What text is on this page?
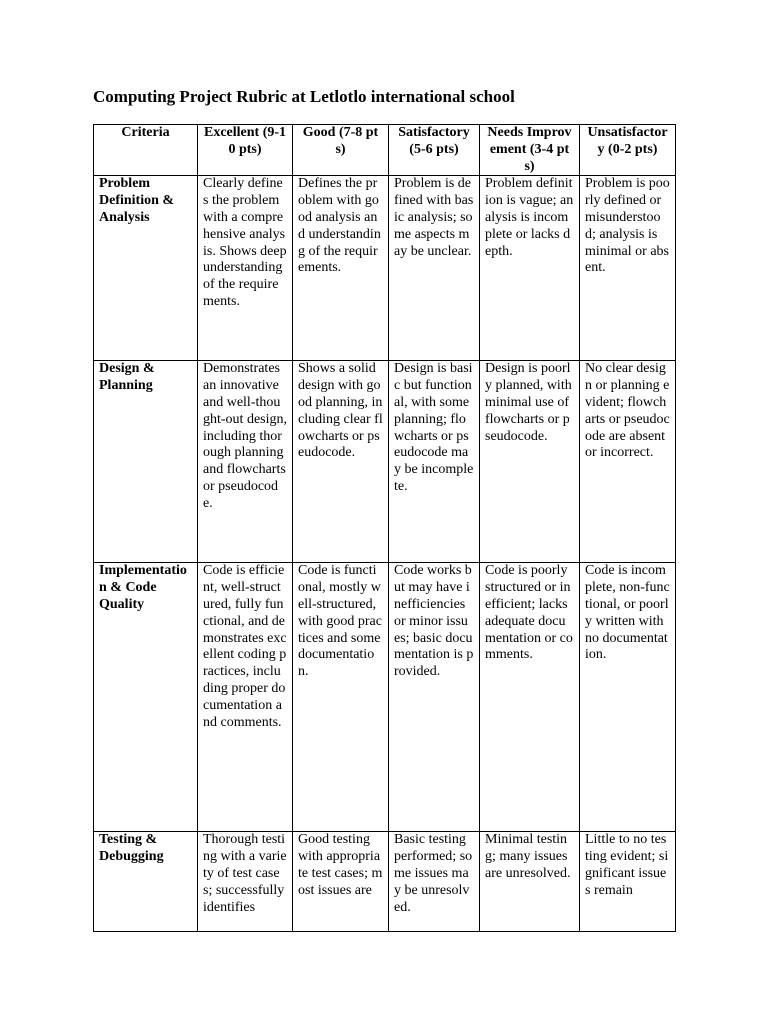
Computing Project Rubric at Letlotlo international school
Criteria	Excellent (9-10 pts)	Good (7-8 pts)	Satisfactory (5-6 pts)	Needs Improvement (3-4 pts)	Unsatisfactory (0-2 pts)
Problem Definition & Analysis	Clearly defines the problem with a comprehensive analysis. Shows deep understanding of the requirements.	Defines the problem with good analysis and understanding of the requirements.	Problem is defined with basic analysis; some aspects may be unclear.	Problem definition is vague; analysis is incomplete or lacks depth.	Problem is poorly defined or misunderstood; analysis is minimal or absent.
Design & Planning	Demonstrates an innovative and well-thought-out design, including thorough planning and flowcharts or pseudocode.	Shows a solid design with good planning, including clear flowcharts or pseudocode.	Design is basic but functional, with some planning; flowcharts or pseudocode may be incomplete.	Design is poorly planned, with minimal use of flowcharts or pseudocode.	No clear design or planning evident; flowcharts or pseudocode are absent or incorrect.
Implementation & Code Quality	Code is efficient, well-structured, fully functional, and demonstrates excellent coding practices, including proper documentation and comments.	Code is functional, mostly well-structured, with good practices and some documentation.	Code works but may have inefficiencies or minor issues; basic documentation is provided.	Code is poorly structured or inefficient; lacks adequate documentation or comments.	Code is incomplete, non-functional, or poorly written with no documentation.
Testing & Debugging	Thorough testing with a variety of test cases; successfully identifies	Good testing with appropriate test cases; most issues are	Basic testing performed; some issues may be unresolved.	Minimal testing; many issues are unresolved.	Little to no testing evident; significant issues remain
